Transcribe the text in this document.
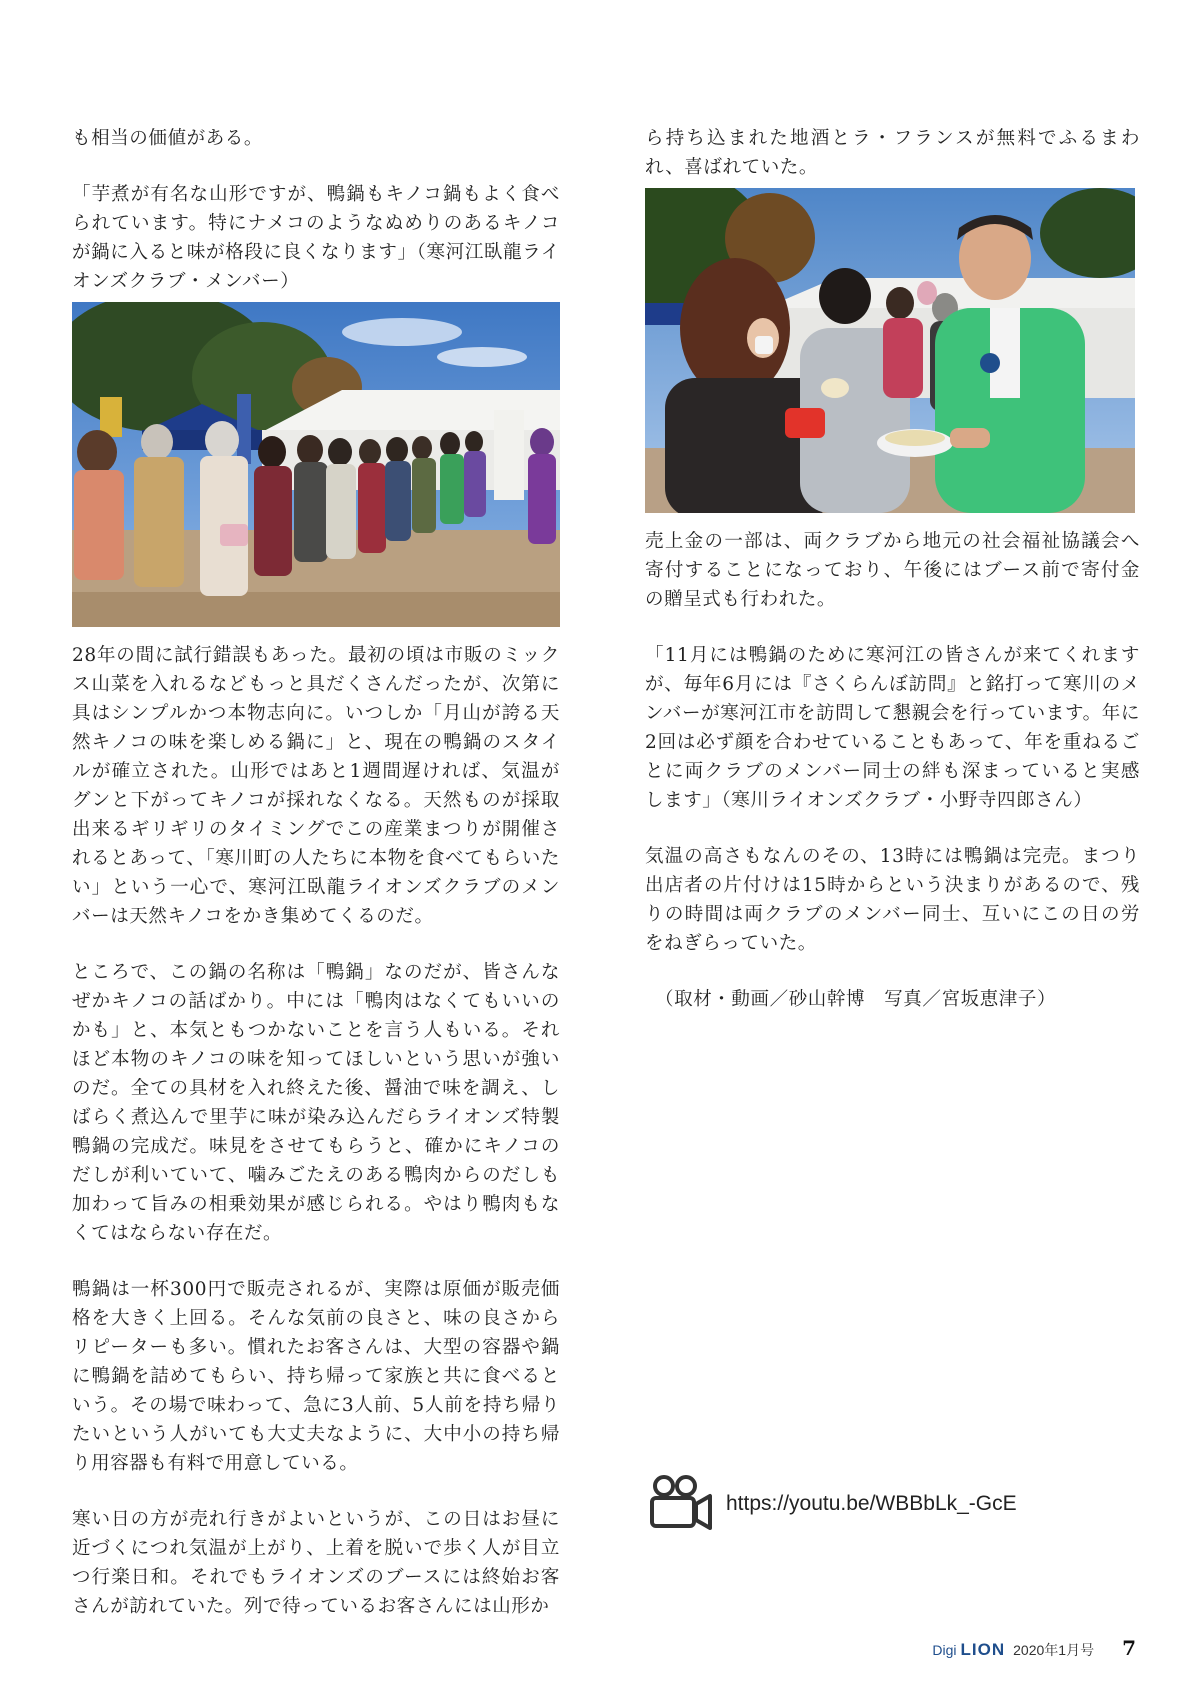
も相当の価値がある。

「芋煮が有名な山形ですが、鴨鍋もキノコ鍋もよく食べられています。特にナメコのようなぬめりのあるキノコが鍋に入ると味が格段に良くなります」（寒河江臥龍ライオンズクラブ・メンバー）

28年の間に試行錯誤もあった。最初の頃は市販のミックス山菜を入れるなどもっと具だくさんだったが、次第に具はシンプルかつ本物志向に。いつしか「月山が誇る天然キノコの味を楽しめる鍋に」と、現在の鴨鍋のスタイルが確立された。山形ではあと1週間遅ければ、気温がグンと下がってキノコが採れなくなる。天然ものが採取出来るギリギリのタイミングでこの産業まつりが開催されるとあって、「寒川町の人たちに本物を食べてもらいたい」という一心で、寒河江臥龍ライオンズクラブのメンバーは天然キノコをかき集めてくるのだ。

ところで、この鍋の名称は「鴨鍋」なのだが、皆さんなぜかキノコの話ばかり。中には「鴨肉はなくてもいいのかも」と、本気ともつかないことを言う人もいる。それほど本物のキノコの味を知ってほしいという思いが強いのだ。全ての具材を入れ終えた後、醤油で味を調え、しばらく煮込んで里芋に味が染み込んだらライオンズ特製鴨鍋の完成だ。味見をさせてもらうと、確かにキノコのだしが利いていて、噛みごたえのある鴨肉からのだしも加わって旨みの相乗効果が感じられる。やはり鴨肉もなくてはならない存在だ。

鴨鍋は一杯300円で販売されるが、実際は原価が販売価格を大きく上回る。そんな気前の良さと、味の良さからリピーターも多い。慣れたお客さんは、大型の容器や鍋に鴨鍋を詰めてもらい、持ち帰って家族と共に食べるという。その場で味わって、急に3人前、5人前を持ち帰りたいという人がいても大丈夫なように、大中小の持ち帰り用容器も有料で用意している。

寒い日の方が売れ行きがよいというが、この日はお昼に近づくにつれ気温が上がり、上着を脱いで歩く人が目立つ行楽日和。それでもライオンズのブースには終始お客さんが訪れていた。列で待っているお客さんには山形か

ら持ち込まれた地酒とラ・フランスが無料でふるまわれ、喜ばれていた。

売上金の一部は、両クラブから地元の社会福祉協議会へ寄付することになっており、午後にはブース前で寄付金の贈呈式も行われた。

「11月には鴨鍋のために寒河江の皆さんが来てくれますが、毎年6月には『さくらんぼ訪問』と銘打って寒川のメンバーが寒河江市を訪問して懇親会を行っています。年に2回は必ず顔を合わせていることもあって、年を重ねるごとに両クラブのメンバー同士の絆も深まっていると実感します」（寒川ライオンズクラブ・小野寺四郎さん）

気温の高さもなんのその、13時には鴨鍋は完売。まつり出店者の片付けは15時からという決まりがあるので、残りの時間は両クラブのメンバー同士、互いにこの日の労をねぎらっていた。

（取材・動画／砂山幹博　写真／宮坂恵津子）

https://youtu.be/WBBbLk_-GcE
Digi LION 2020年1月号 7
